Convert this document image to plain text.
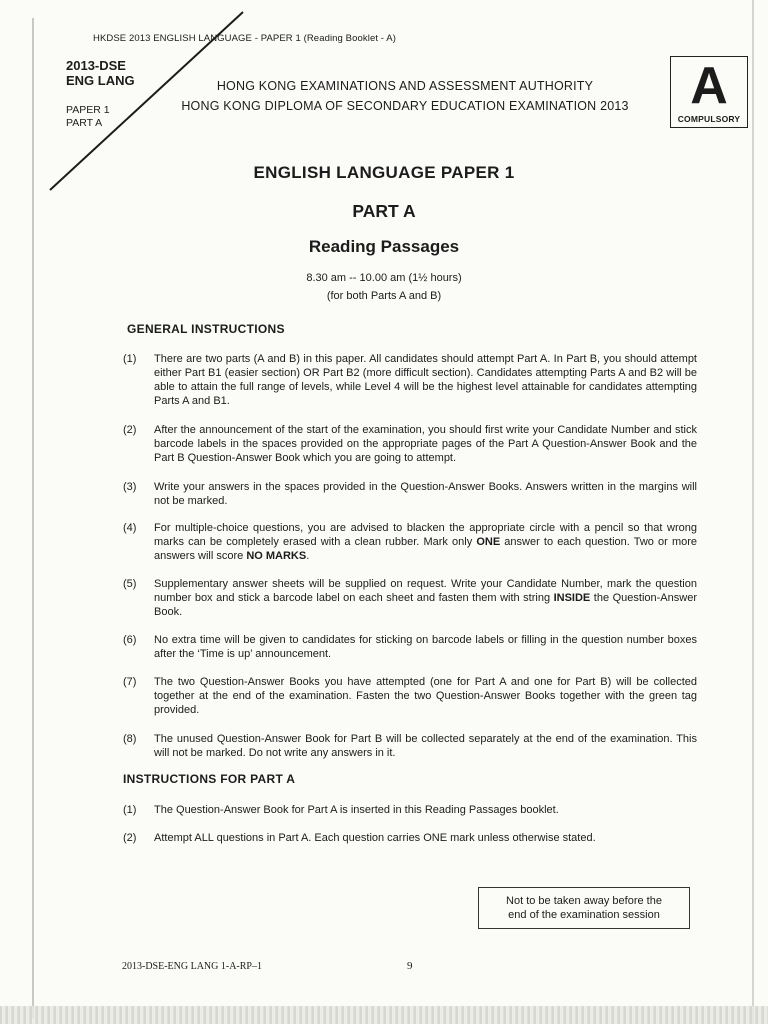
HKDSE 2013 ENGLISH LANGUAGE - PAPER 1 (Reading Booklet - A)
2013-DSE
ENG LANG
PAPER 1
PART A
HONG KONG EXAMINATIONS AND ASSESSMENT AUTHORITY
HONG KONG DIPLOMA OF SECONDARY EDUCATION EXAMINATION 2013	A
COMPULSORY
ENGLISH LANGUAGE PAPER 1
PART A
Reading Passages
8.30 am -- 10.00 am (1½ hours)
(for both Parts A and B)
GENERAL INSTRUCTIONS
(1)	There are two parts (A and B) in this paper. All candidates should attempt Part A. In Part B, you should attempt either Part B1 (easier section) OR Part B2 (more difficult section). Candidates attempting Parts A and B2 will be able to attain the full range of levels, while Level 4 will be the highest level attainable for candidates attempting Parts A and B1.
(2)	After the announcement of the start of the examination, you should first write your Candidate Number and stick barcode labels in the spaces provided on the appropriate pages of the Part A Question-Answer Book and the Part B Question-Answer Book which you are going to attempt.
(3)	Write your answers in the spaces provided in the Question-Answer Books. Answers written in the margins will not be marked.
(4)	For multiple-choice questions, you are advised to blacken the appropriate circle with a pencil so that wrong marks can be completely erased with a clean rubber. Mark only ONE answer to each question. Two or more answers will score NO MARKS.
(5)	Supplementary answer sheets will be supplied on request. Write your Candidate Number, mark the question number box and stick a barcode label on each sheet and fasten them with string INSIDE the Question-Answer Book.
(6)	No extra time will be given to candidates for sticking on barcode labels or filling in the question number boxes after the ‘Time is up’ announcement.
(7)	The two Question-Answer Books you have attempted (one for Part A and one for Part B) will be collected together at the end of the examination. Fasten the two Question-Answer Books together with the green tag provided.
(8)	The unused Question-Answer Book for Part B will be collected separately at the end of the examination. This will not be marked. Do not write any answers in it.
INSTRUCTIONS FOR PART A
(1)	The Question-Answer Book for Part A is inserted in this Reading Passages booklet.
(2)	Attempt ALL questions in Part A. Each question carries ONE mark unless otherwise stated.
Not to be taken away before the
end of the examination session
2013-DSE-ENG LANG 1-A-RP–1	9
